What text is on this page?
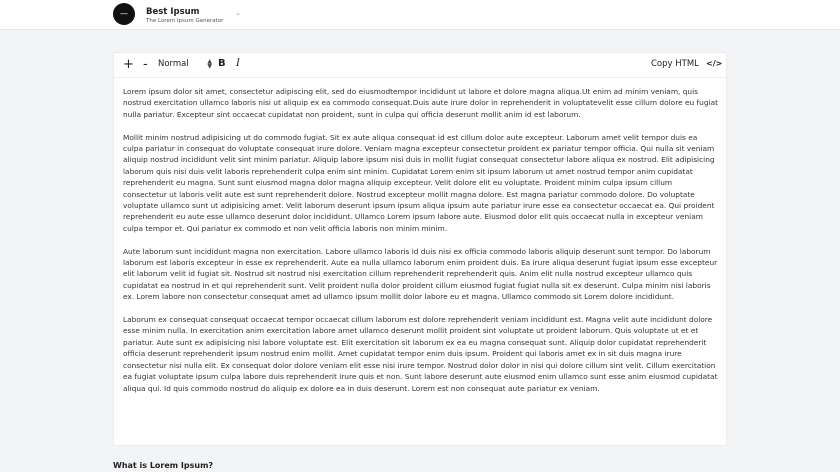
— Best Ipsum
The Lorem Ipsum Generator
⌄
+ - Normal	▲
▼ B I	Copy HTML </>

Lorem ipsum dolor sit amet, consectetur adipiscing elit, sed do eiusmodtempor incididunt ut labore et dolore magna aliqua.Ut enim ad minim veniam, quis nostrud exercitation ullamco laboris nisi ut aliquip ex ea commodo consequat.Duis aute irure dolor in reprehenderit in voluptatevelit esse cillum dolore eu fugiat nulla pariatur. Excepteur sint occaecat cupidatat non proident, sunt in culpa qui officia deserunt mollit anim id est laborum.

Mollit minim nostrud adipisicing ut do commodo fugiat. Sit ex aute aliqua consequat id est cillum dolor aute excepteur. Laborum amet velit tempor duis ea culpa pariatur in consequat do voluptate consequat irure dolore. Veniam magna excepteur consectetur proident ex pariatur tempor officia. Qui nulla sit veniam aliquip nostrud incididunt velit sint minim pariatur. Aliquip labore ipsum nisi duis in mollit fugiat consequat consectetur labore aliqua ex nostrud. Elit adipisicing laborum quis nisi duis velit laboris reprehenderit culpa enim sint minim. Cupidatat Lorem enim sit ipsum laborum ut amet nostrud tempor anim cupidatat reprehenderit eu magna. Sunt sunt eiusmod magna dolor magna aliquip excepteur. Velit dolore elit eu voluptate. Proident minim culpa ipsum cillum consectetur ut laboris velit aute est sunt reprehenderit dolore. Nostrud excepteur mollit magna dolore. Est magna pariatur commodo dolore. Do voluptate voluptate ullamco sunt ut adipisicing amet. Velit laborum deserunt ipsum ipsum aliqua ipsum aute pariatur irure esse ea consectetur occaecat ea. Qui proident reprehenderit eu aute esse ullamco deserunt dolor incididunt. Ullamco Lorem ipsum labore aute. Eiusmod dolor elit quis occaecat nulla in excepteur veniam culpa tempor et. Qui pariatur ex commodo et non velit officia laboris non minim minim.

Aute laborum sunt incididunt magna non exercitation. Labore ullamco laboris id duis nisi ex officia commodo laboris aliquip deserunt sunt tempor. Do laborum laborum est laboris excepteur in esse ex reprehenderit. Aute ea nulla ullamco laborum enim proident duis. Ea irure aliqua deserunt fugiat ipsum esse excepteur elit laborum velit id fugiat sit. Nostrud sit nostrud nisi exercitation cillum reprehenderit reprehenderit quis. Anim elit nulla nostrud excepteur ullamco quis cupidatat ea nostrud in et qui reprehenderit sunt. Velit proident nulla dolor proident cillum eiusmod fugiat fugiat nulla sit ex deserunt. Culpa minim nisi laboris ex. Lorem labore non consectetur consequat amet ad ullamco ipsum mollit dolor labore eu et magna. Ullamco commodo sit Lorem dolore incididunt.

Laborum ex consequat consequat occaecat tempor occaecat cillum laborum est dolore reprehenderit veniam incididunt est. Magna velit aute incididunt dolore esse minim nulla. In exercitation anim exercitation labore amet ullamco deserunt mollit proident sint voluptate ut proident laborum. Quis voluptate ut et et pariatur. Aute sunt ex adipisicing nisi labore voluptate est. Elit exercitation sit laborum ex ea eu magna consequat sunt. Aliquip dolor cupidatat reprehenderit officia deserunt reprehenderit ipsum nostrud enim mollit. Amet cupidatat tempor enim duis ipsum. Proident qui laboris amet ex in sit duis magna irure consectetur nisi nulla elit. Ex consequat dolor dolore veniam elit esse nisi irure tempor. Nostrud dolor dolor in nisi qui dolore cillum sint velit. Cillum exercitation ea fugiat voluptate ipsum culpa labore duis reprehenderit irure quis et non. Sunt labore deserunt aute eiusmod enim ullamco sunt esse anim eiusmod cupidatat aliqua qui. Id quis commodo nostrud do aliquip ex dolore ea in duis deserunt. Lorem est non consequat aute pariatur ex veniam.

What is Lorem Ipsum?
